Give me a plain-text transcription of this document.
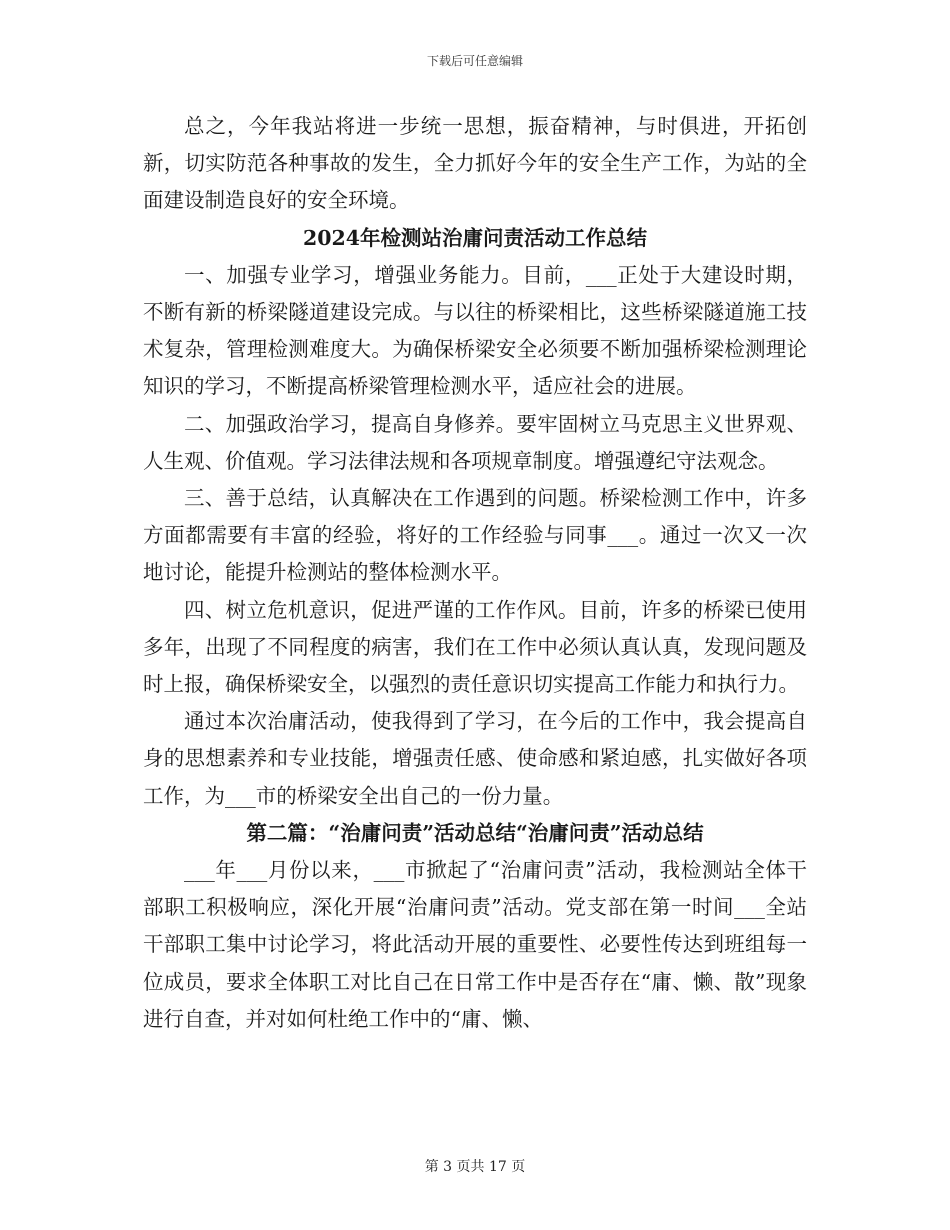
下载后可任意编辑

总之，今年我站将进一步统一思想，振奋精神，与时俱进，开拓创新，切实防范各种事故的发生，全力抓好今年的安全生产工作，为站的全面建设制造良好的安全环境。

2024年检测站治庸问责活动工作总结

一、加强专业学习，增强业务能力。目前，___正处于大建设时期，不断有新的桥梁隧道建设完成。与以往的桥梁相比，这些桥梁隧道施工技术复杂，管理检测难度大。为确保桥梁安全必须要不断加强桥梁检测理论知识的学习，不断提高桥梁管理检测水平，适应社会的进展。

二、加强政治学习，提高自身修养。要牢固树立马克思主义世界观、人生观、价值观。学习法律法规和各项规章制度。增强遵纪守法观念。

三、善于总结，认真解决在工作遇到的问题。桥梁检测工作中，许多方面都需要有丰富的经验，将好的工作经验与同事___。通过一次又一次地讨论，能提升检测站的整体检测水平。

四、树立危机意识，促进严谨的工作作风。目前，许多的桥梁已使用多年，出现了不同程度的病害，我们在工作中必须认真认真，发现问题及时上报，确保桥梁安全，以强烈的责任意识切实提高工作能力和执行力。

通过本次治庸活动，使我得到了学习，在今后的工作中，我会提高自身的思想素养和专业技能，增强责任感、使命感和紧迫感，扎实做好各项工作，为___市的桥梁安全出自己的一份力量。

第二篇：“治庸问责”活动总结“治庸问责”活动总结

___年___月份以来，___市掀起了“治庸问责”活动，我检测站全体干部职工积极响应，深化开展“治庸问责”活动。党支部在第一时间___全站干部职工集中讨论学习，将此活动开展的重要性、必要性传达到班组每一位成员，要求全体职工对比自己在日常工作中是否存在“庸、懒、散”现象进行自查，并对如何杜绝工作中的“庸、懒、

第 3 页共 17 页
